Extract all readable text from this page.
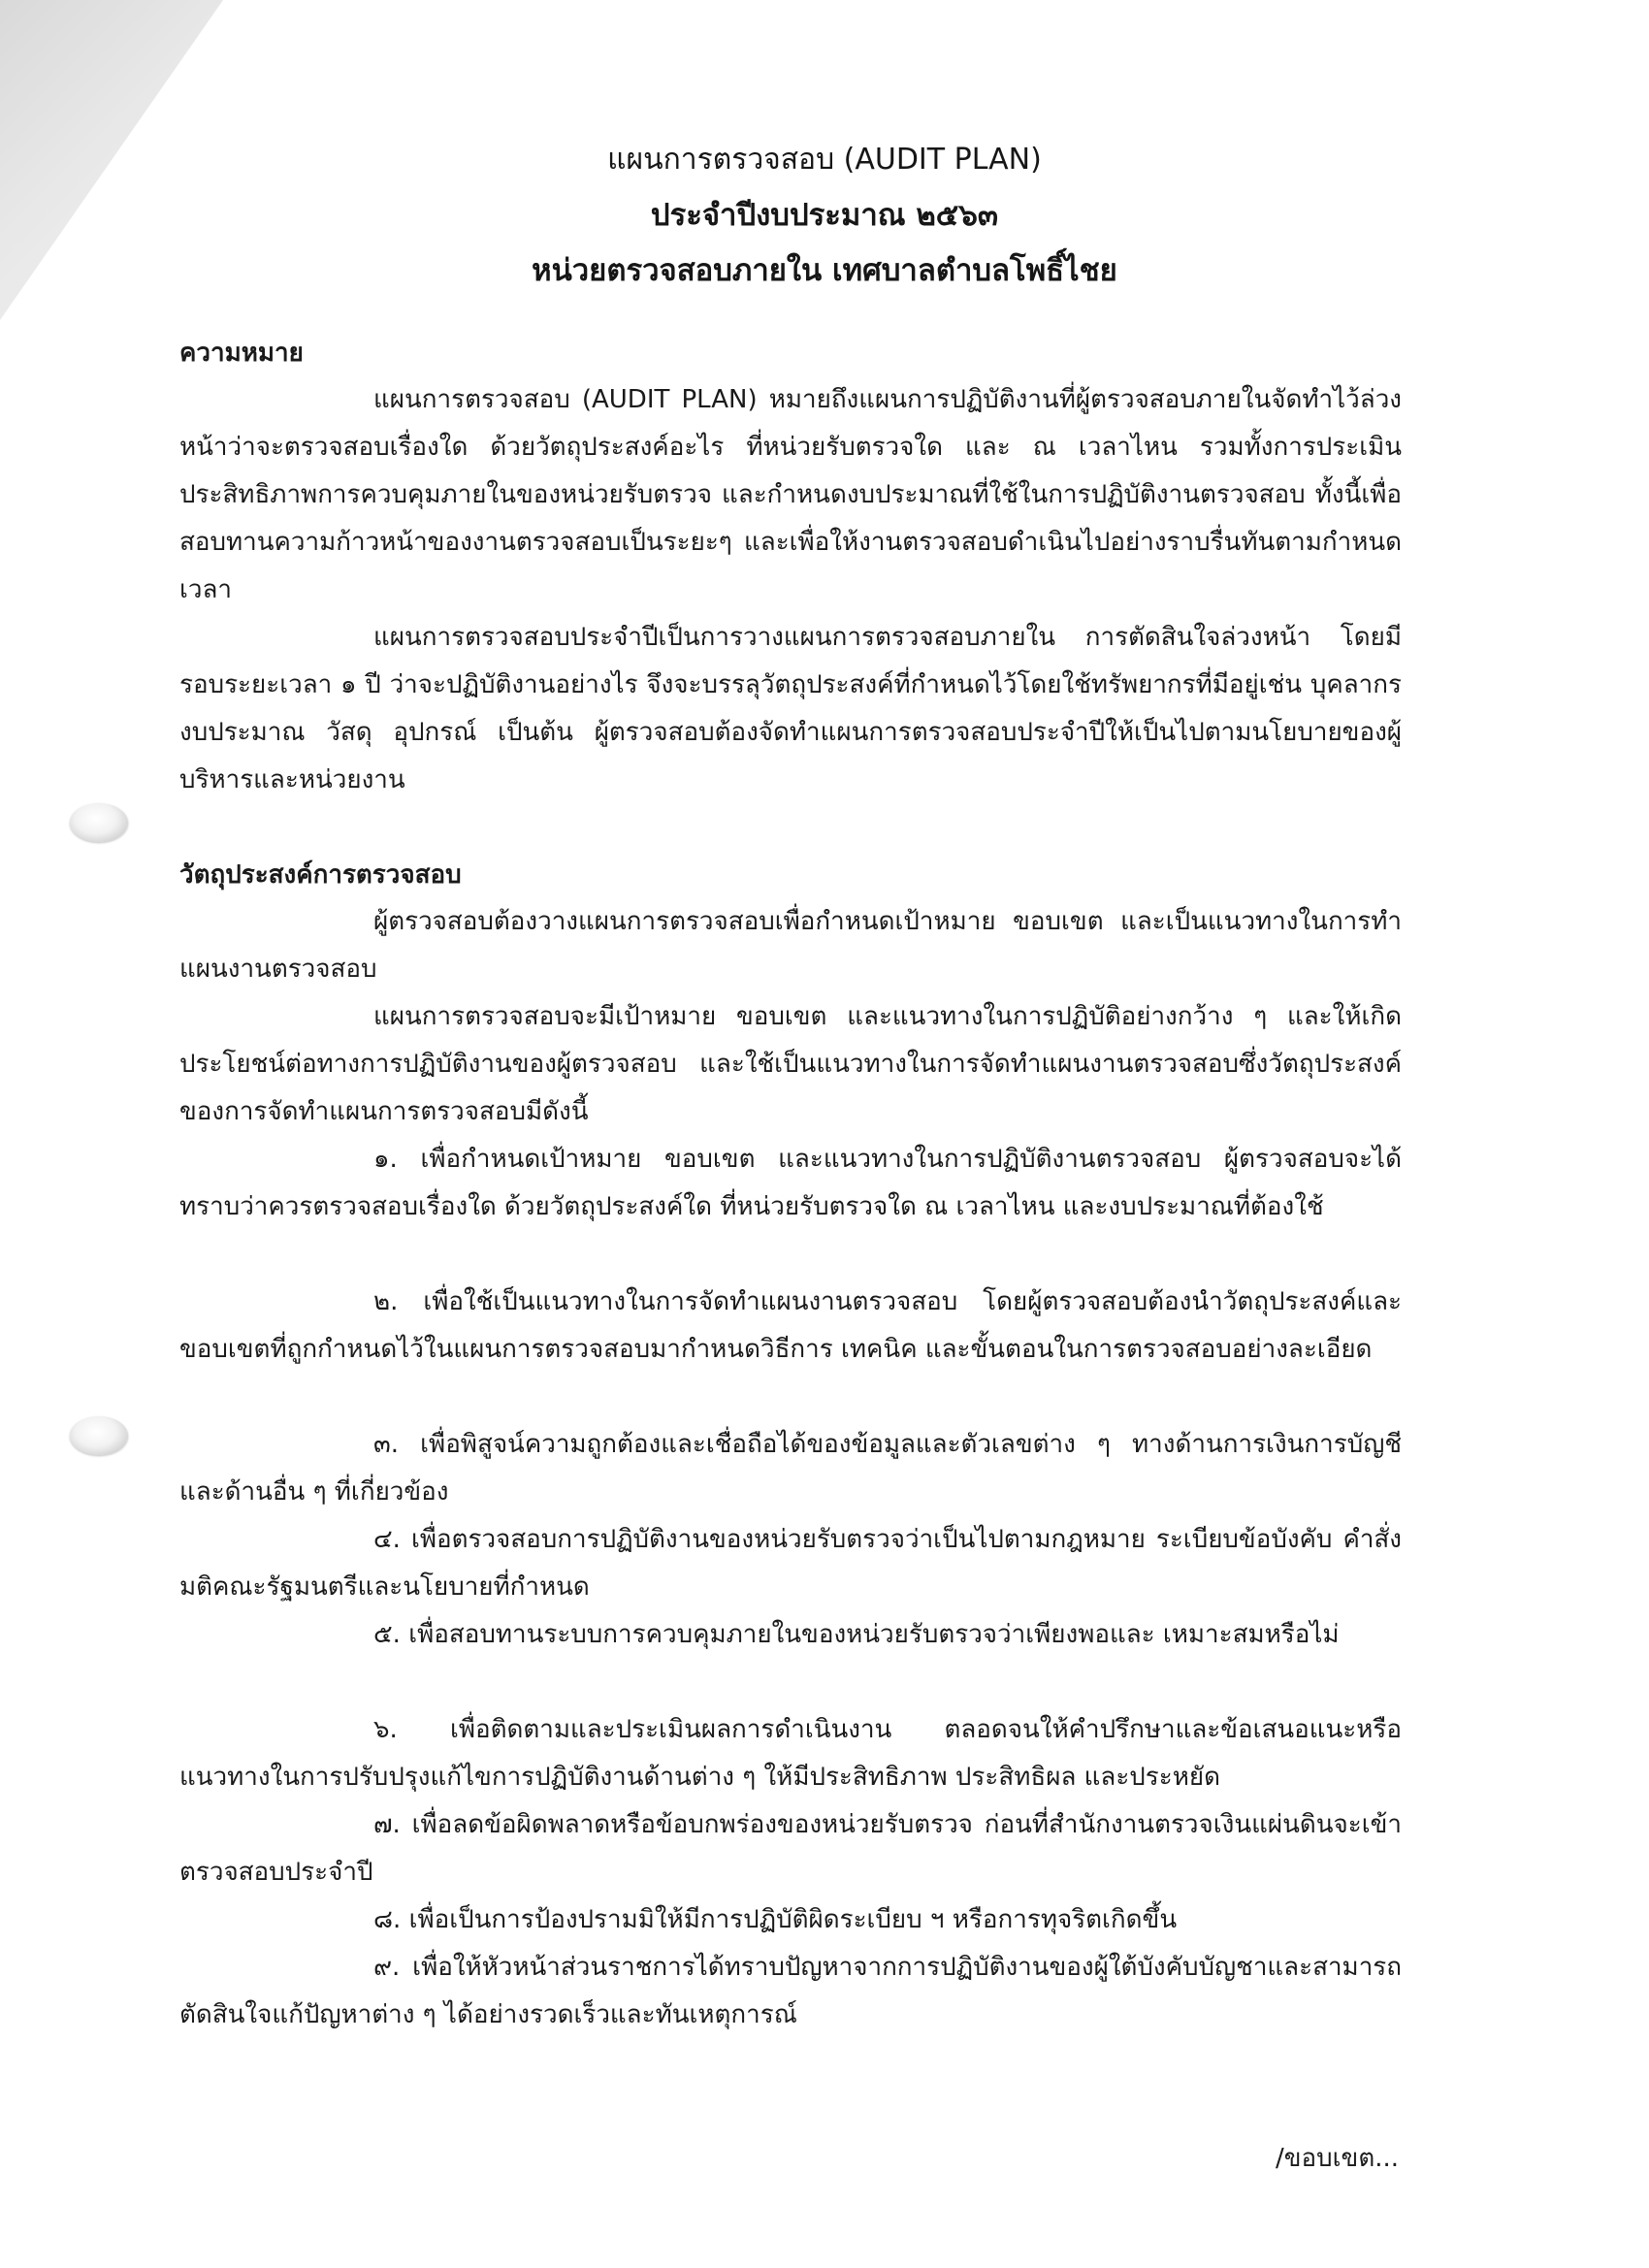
แผนการตรวจสอบ (AUDIT PLAN)
ประจำปีงบประมาณ ๒๕๖๓
หน่วยตรวจสอบภายใน เทศบาลตำบลโพธิ์ไชย
ความหมาย

แผนการตรวจสอบ (AUDIT PLAN) หมายถึงแผนการปฏิบัติงานที่ผู้ตรวจสอบภายในจัดทำไว้ล่วงหน้าว่าจะตรวจสอบเรื่องใด ด้วยวัตถุประสงค์อะไร ที่หน่วยรับตรวจใด และ ณ เวลาไหน รวมทั้งการประเมินประสิทธิภาพการควบคุมภายในของหน่วยรับตรวจ และกำหนดงบประมาณที่ใช้ในการปฏิบัติงานตรวจสอบ ทั้งนี้เพื่อสอบทานความก้าวหน้าของงานตรวจสอบเป็นระยะๆ และเพื่อให้งานตรวจสอบดำเนินไปอย่างราบรื่นทันตามกำหนดเวลา

แผนการตรวจสอบประจำปีเป็นการวางแผนการตรวจสอบภายใน การตัดสินใจล่วงหน้า โดยมีรอบระยะเวลา ๑ ปี ว่าจะปฏิบัติงานอย่างไร จึงจะบรรลุวัตถุประสงค์ที่กำหนดไว้โดยใช้ทรัพยากรที่มีอยู่เช่น บุคลากร งบประมาณ วัสดุ อุปกรณ์ เป็นต้น ผู้ตรวจสอบต้องจัดทำแผนการตรวจสอบประจำปีให้เป็นไปตามนโยบายของผู้บริหารและหน่วยงาน

วัตถุประสงค์การตรวจสอบ

ผู้ตรวจสอบต้องวางแผนการตรวจสอบเพื่อกำหนดเป้าหมาย ขอบเขต และเป็นแนวทางในการทำแผนงานตรวจสอบ

แผนการตรวจสอบจะมีเป้าหมาย ขอบเขต และแนวทางในการปฏิบัติอย่างกว้าง ๆ และให้เกิดประโยชน์ต่อทางการปฏิบัติงานของผู้ตรวจสอบ และใช้เป็นแนวทางในการจัดทำแผนงานตรวจสอบซึ่งวัตถุประสงค์ของการจัดทำแผนการตรวจสอบมีดังนี้

๑. เพื่อกำหนดเป้าหมาย ขอบเขต และแนวทางในการปฏิบัติงานตรวจสอบ ผู้ตรวจสอบจะได้ทราบว่าควรตรวจสอบเรื่องใด ด้วยวัตถุประสงค์ใด ที่หน่วยรับตรวจใด ณ เวลาไหน และงบประมาณที่ต้องใช้

๒. เพื่อใช้เป็นแนวทางในการจัดทำแผนงานตรวจสอบ โดยผู้ตรวจสอบต้องนำวัตถุประสงค์และขอบเขตที่ถูกกำหนดไว้ในแผนการตรวจสอบมากำหนดวิธีการ เทคนิค และขั้นตอนในการตรวจสอบอย่างละเอียด

๓. เพื่อพิสูจน์ความถูกต้องและเชื่อถือได้ของข้อมูลและตัวเลขต่าง ๆ ทางด้านการเงินการบัญชี และด้านอื่น ๆ ที่เกี่ยวข้อง

๔. เพื่อตรวจสอบการปฏิบัติงานของหน่วยรับตรวจว่าเป็นไปตามกฎหมาย ระเบียบข้อบังคับ คำสั่ง มติคณะรัฐมนตรีและนโยบายที่กำหนด

๕. เพื่อสอบทานระบบการควบคุมภายในของหน่วยรับตรวจว่าเพียงพอและ เหมาะสมหรือไม่

๖. เพื่อติดตามและประเมินผลการดำเนินงาน ตลอดจนให้คำปรึกษาและข้อเสนอแนะหรือแนวทางในการปรับปรุงแก้ไขการปฏิบัติงานด้านต่าง ๆ ให้มีประสิทธิภาพ ประสิทธิผล และประหยัด

๗. เพื่อลดข้อผิดพลาดหรือข้อบกพร่องของหน่วยรับตรวจ ก่อนที่สำนักงานตรวจเงินแผ่นดินจะเข้าตรวจสอบประจำปี

๘. เพื่อเป็นการป้องปรามมิให้มีการปฏิบัติผิดระเบียบ ฯ หรือการทุจริตเกิดขึ้น

๙. เพื่อให้หัวหน้าส่วนราชการได้ทราบปัญหาจากการปฏิบัติงานของผู้ใต้บังคับบัญชาและสามารถตัดสินใจแก้ปัญหาต่าง ๆ ได้อย่างรวดเร็วและทันเหตุการณ์

/ขอบเขต...
